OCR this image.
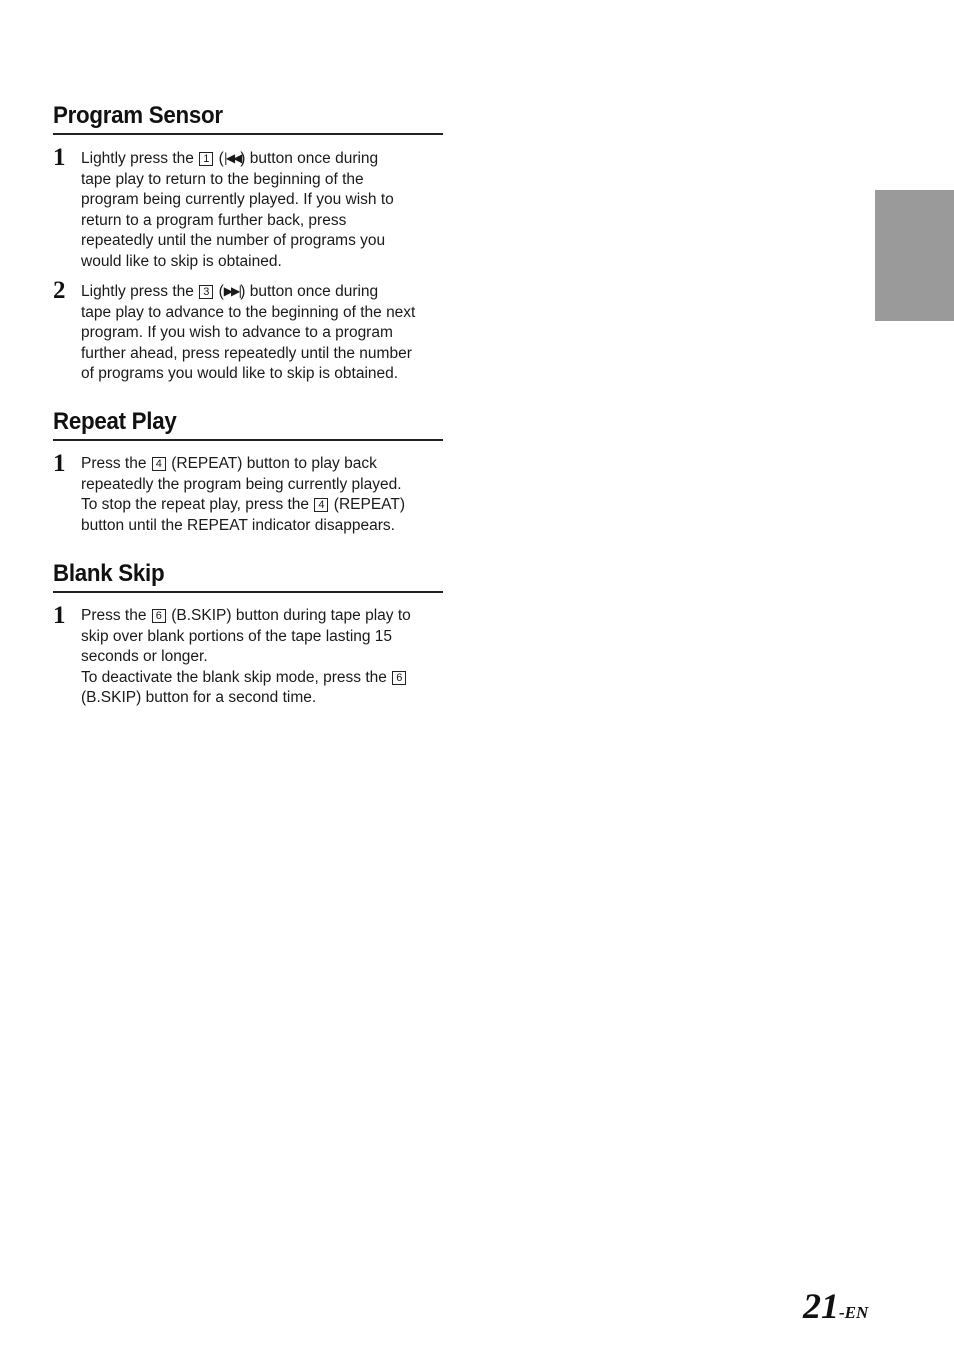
Program Sensor
1 Lightly press the 1 (|◀◀) button once during
tape play to return to the beginning of the
program being currently played. If you wish to
return to a program further back, press
repeatedly until the number of programs you
would like to skip is obtained.
2 Lightly press the 3 (▶▶|) button once during
tape play to advance to the beginning of the next
program. If you wish to advance to a program
further ahead, press repeatedly until the number
of programs you would like to skip is obtained.
Repeat Play
1 Press the 4 (REPEAT) button to play back
repeatedly the program being currently played.
To stop the repeat play, press the 4 (REPEAT)
button until the REPEAT indicator disappears.
Blank Skip
1 Press the 6 (B.SKIP) button during tape play to
skip over blank portions of the tape lasting 15
seconds or longer.
To deactivate the blank skip mode, press the 6
(B.SKIP) button for a second time.
21-EN
